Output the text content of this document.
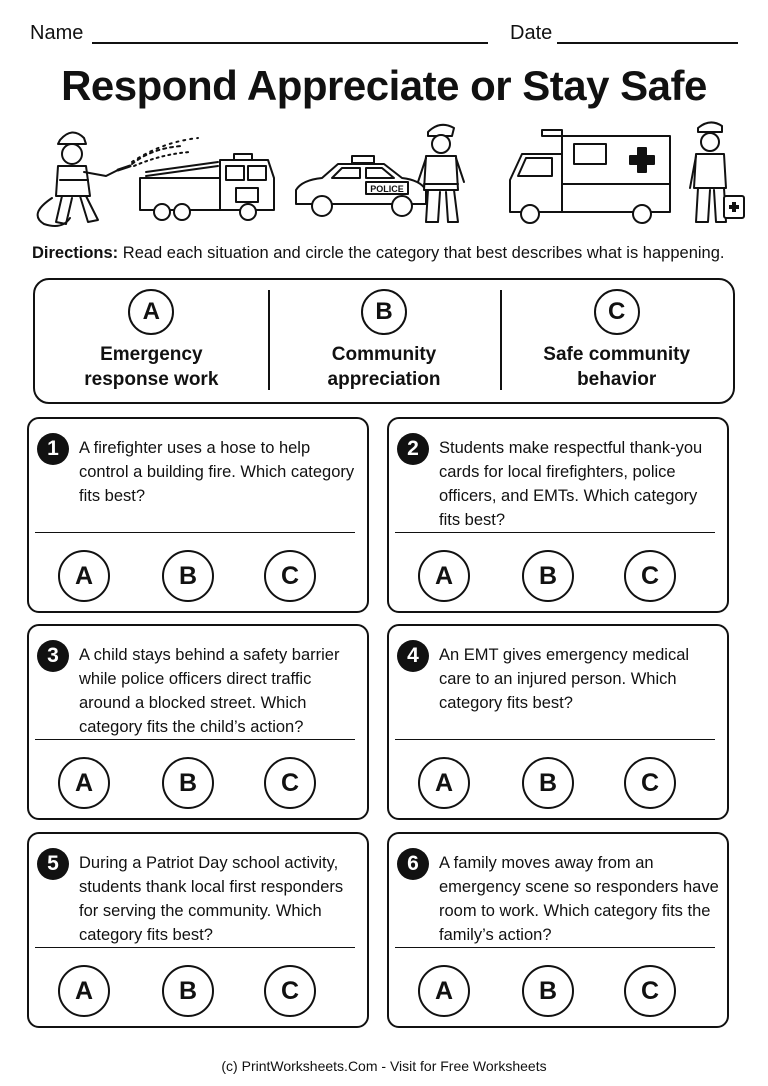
Name	Date
Respond Appreciate or Stay Safe
POLICE

Directions: Read each situation and circle the category that best describes what is happening.

A
Emergency
response work
B
Community
appreciation
C
Safe community
behavior
1	A firefighter uses a hose to help control a building fire. Which category fits best?
A	B	C
2	Students make respectful thank-you cards for local firefighters, police officers, and EMTs. Which category fits best?
A	B	C
3	A child stays behind a safety barrier while police officers direct traffic around a blocked street. Which category fits the child’s action?
A	B	C
4	An EMT gives emergency medical care to an injured person. Which category fits best?
A	B	C
5	During a Patriot Day school activity, students thank local first responders for serving the community. Which category fits best?
A	B	C
6	A family moves away from an emergency scene so responders have room to work. Which category fits the family’s action?
A	B	C
(c) PrintWorksheets.Com - Visit for Free Worksheets
